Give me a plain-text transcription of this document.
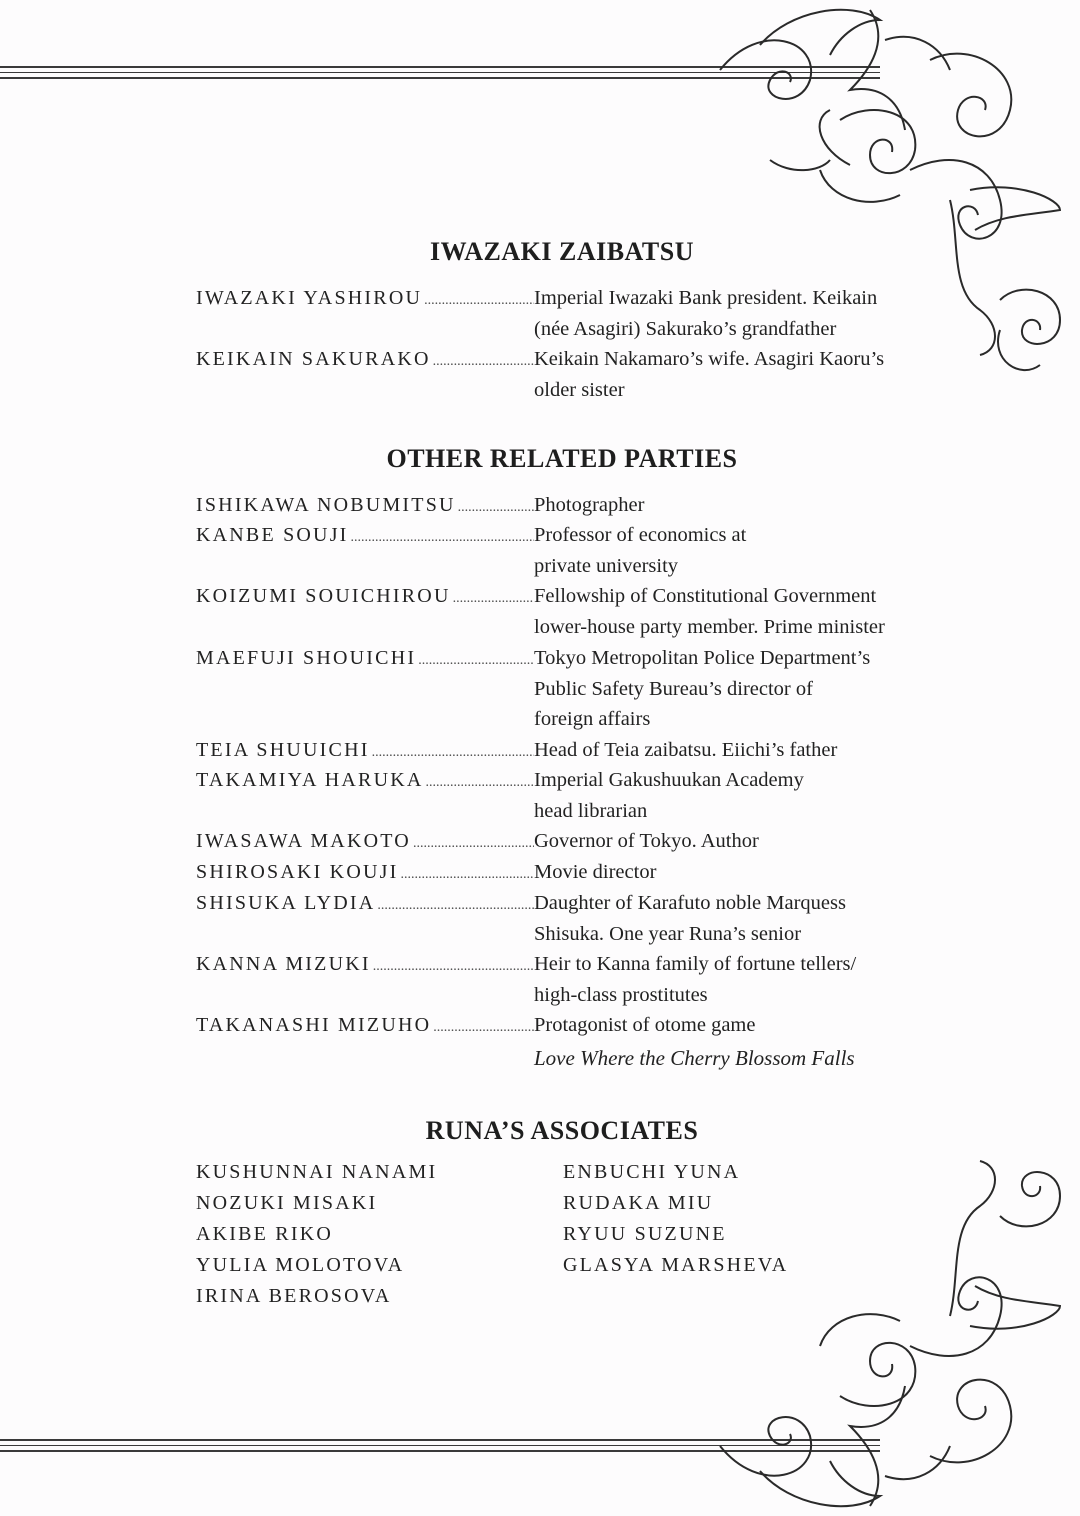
IWAZAKI ZAIBATSU
IWAZAKI YASHIROU .....	Imperial Iwazaki Bank president. Keikain
(née Asagiri) Sakurako’s grandfather
KEIKAIN SAKURAKO .....	Keikain Nakamaro’s wife. Asagiri Kaoru’s
older sister
OTHER RELATED PARTIES
ISHIKAWA NOBUMITSU .....	Photographer
KANBE SOUJI .....	Professor of economics at
private university
KOIZUMI SOUICHIROU .....	Fellowship of Constitutional Government
lower-house party member. Prime minister
MAEFUJI SHOUICHI .....	Tokyo Metropolitan Police Department’s
Public Safety Bureau’s director of
foreign affairs
TEIA SHUUICHI .....	Head of Teia zaibatsu. Eiichi’s father
TAKAMIYA HARUKA .....	Imperial Gakushuukan Academy
head librarian
IWASAWA MAKOTO .....	Governor of Tokyo. Author
SHIROSAKI KOUJI .....	Movie director
SHISUKA LYDIA .....	Daughter of Karafuto noble Marquess
Shisuka. One year Runa’s senior
KANNA MIZUKI .....	Heir to Kanna family of fortune tellers/
high-class prostitutes
TAKANASHI MIZUHO .....	Protagonist of otome game
Love Where the Cherry Blossom Falls
RUNA’S ASSOCIATES
KUSHUNNAI NANAMI
NOZUKI MISAKI
AKIBE RIKO
YULIA MOLOTOVA
IRINA BEROSOVA
ENBUCHI YUNA
RUDAKA MIU
RYUU SUZUNE
GLASYA MARSHEVA
